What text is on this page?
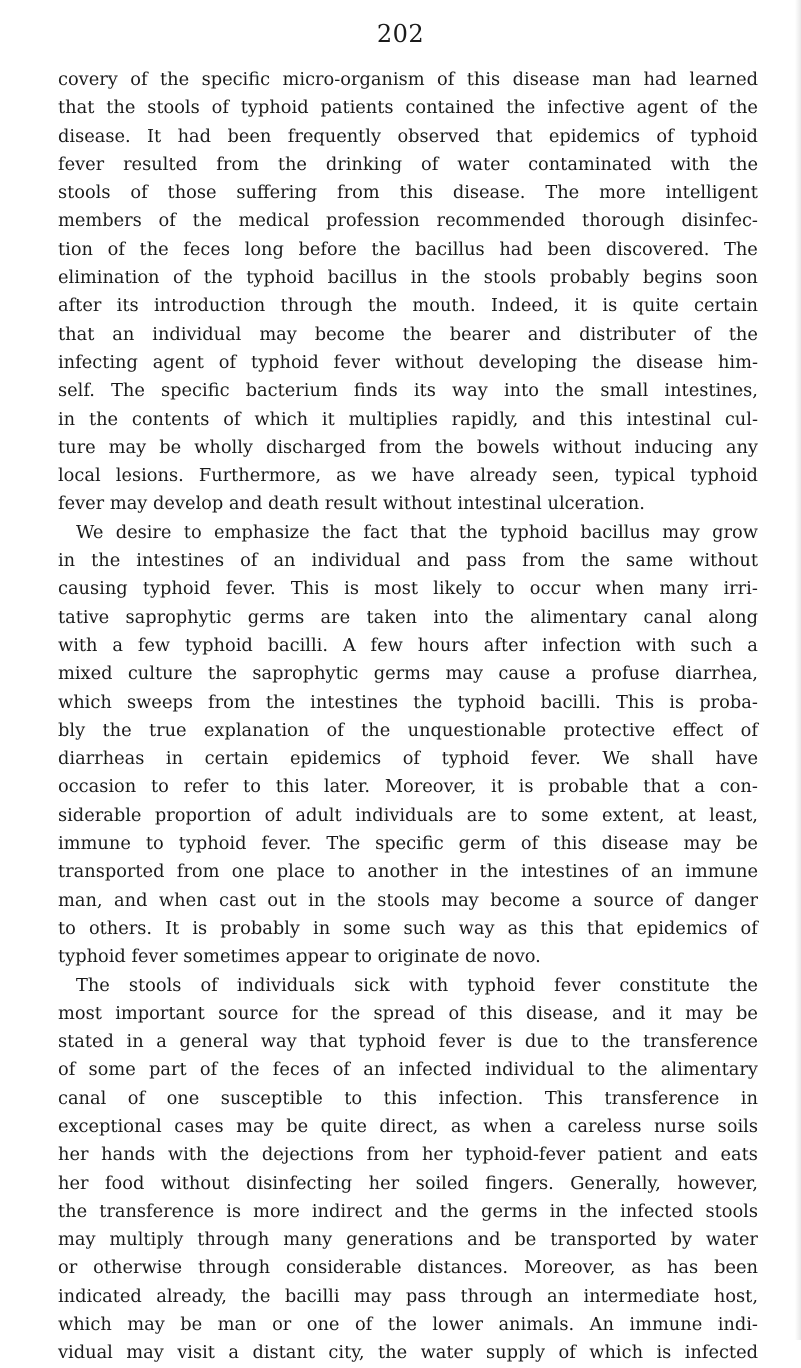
202
covery of the specific micro-organism of this disease man had learned
that the stools of typhoid patients contained the infective agent of the
disease. It had been frequently observed that epidemics of typhoid
fever resulted from the drinking of water contaminated with the
stools of those suffering from this disease. The more intelligent
members of the medical profession recommended thorough disinfec-
tion of the feces long before the bacillus had been discovered. The
elimination of the typhoid bacillus in the stools probably begins soon
after its introduction through the mouth. Indeed, it is quite certain
that an individual may become the bearer and distributer of the
infecting agent of typhoid fever without developing the disease him-
self. The specific bacterium finds its way into the small intestines,
in the contents of which it multiplies rapidly, and this intestinal cul-
ture may be wholly discharged from the bowels without inducing any
local lesions. Furthermore, as we have already seen, typical typhoid
fever may develop and death result without intestinal ulceration.
We desire to emphasize the fact that the typhoid bacillus may grow
in the intestines of an individual and pass from the same without
causing typhoid fever. This is most likely to occur when many irri-
tative saprophytic germs are taken into the alimentary canal along
with a few typhoid bacilli. A few hours after infection with such a
mixed culture the saprophytic germs may cause a profuse diarrhea,
which sweeps from the intestines the typhoid bacilli. This is proba-
bly the true explanation of the unquestionable protective effect of
diarrheas in certain epidemics of typhoid fever. We shall have
occasion to refer to this later. Moreover, it is probable that a con-
siderable proportion of adult individuals are to some extent, at least,
immune to typhoid fever. The specific germ of this disease may be
transported from one place to another in the intestines of an immune
man, and when cast out in the stools may become a source of danger
to others. It is probably in some such way as this that epidemics of
typhoid fever sometimes appear to originate de novo.
The stools of individuals sick with typhoid fever constitute the
most important source for the spread of this disease, and it may be
stated in a general way that typhoid fever is due to the transference
of some part of the feces of an infected individual to the alimentary
canal of one susceptible to this infection. This transference in
exceptional cases may be quite direct, as when a careless nurse soils
her hands with the dejections from her typhoid-fever patient and eats
her food without disinfecting her soiled fingers. Generally, however,
the transference is more indirect and the germs in the infected stools
may multiply through many generations and be transported by water
or otherwise through considerable distances. Moreover, as has been
indicated already, the bacilli may pass through an intermediate host,
which may be man or one of the lower animals. An immune indi-
vidual may visit a distant city, the water supply of which is infected
